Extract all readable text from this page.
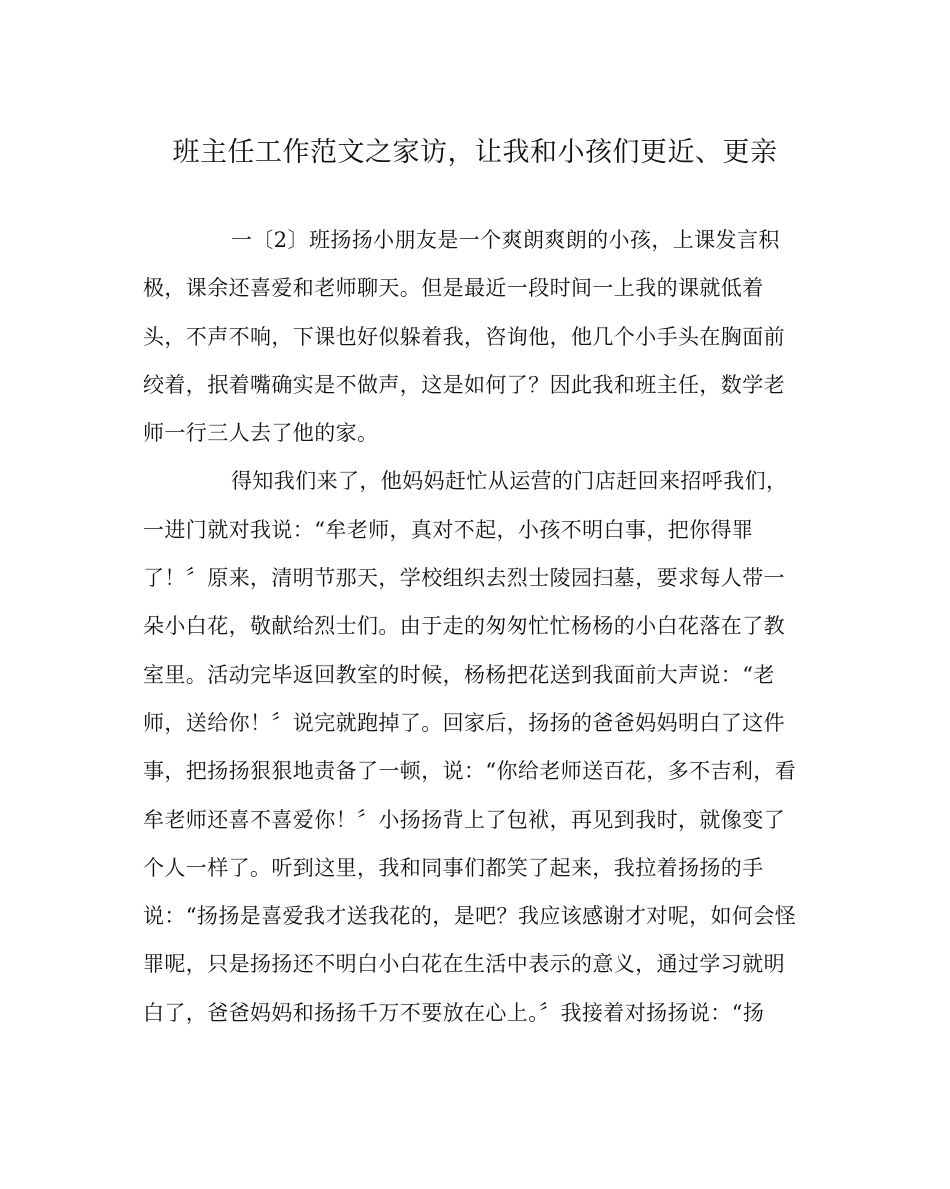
班主任工作范文之家访，让我和小孩们更近、更亲
一〔2〕班扬扬小朋友是一个爽朗爽朗的小孩，上课发言积
极，课余还喜爱和老师聊天。但是最近一段时间一上我的课就低着
头，不声不响，下课也好似躲着我，咨询他，他几个小手头在胸面前
绞着，抿着嘴确实是不做声，这是如何了？因此我和班主任，数学老
师一行三人去了他的家。
得知我们来了，他妈妈赶忙从运营的门店赶回来招呼我们，
一进门就对我说：“牟老师，真对不起，小孩不明白事，把你得罪
了！〞原来，清明节那天，学校组织去烈士陵园扫墓，要求每人带一
朵小白花，敬献给烈士们。由于走的匆匆忙忙杨杨的小白花落在了教
室里。活动完毕返回教室的时候，杨杨把花送到我面前大声说：“老
师，送给你！〞说完就跑掉了。回家后，扬扬的爸爸妈妈明白了这件
事，把扬扬狠狠地责备了一顿，说：“你给老师送百花，多不吉利，看
牟老师还喜不喜爱你！〞小扬扬背上了包袱，再见到我时，就像变了
个人一样了。听到这里，我和同事们都笑了起来，我拉着扬扬的手
说：“扬扬是喜爱我才送我花的，是吧？我应该感谢才对呢，如何会怪
罪呢，只是扬扬还不明白小白花在生活中表示的意义，通过学习就明
白了，爸爸妈妈和扬扬千万不要放在心上。〞我接着对扬扬说：“扬
